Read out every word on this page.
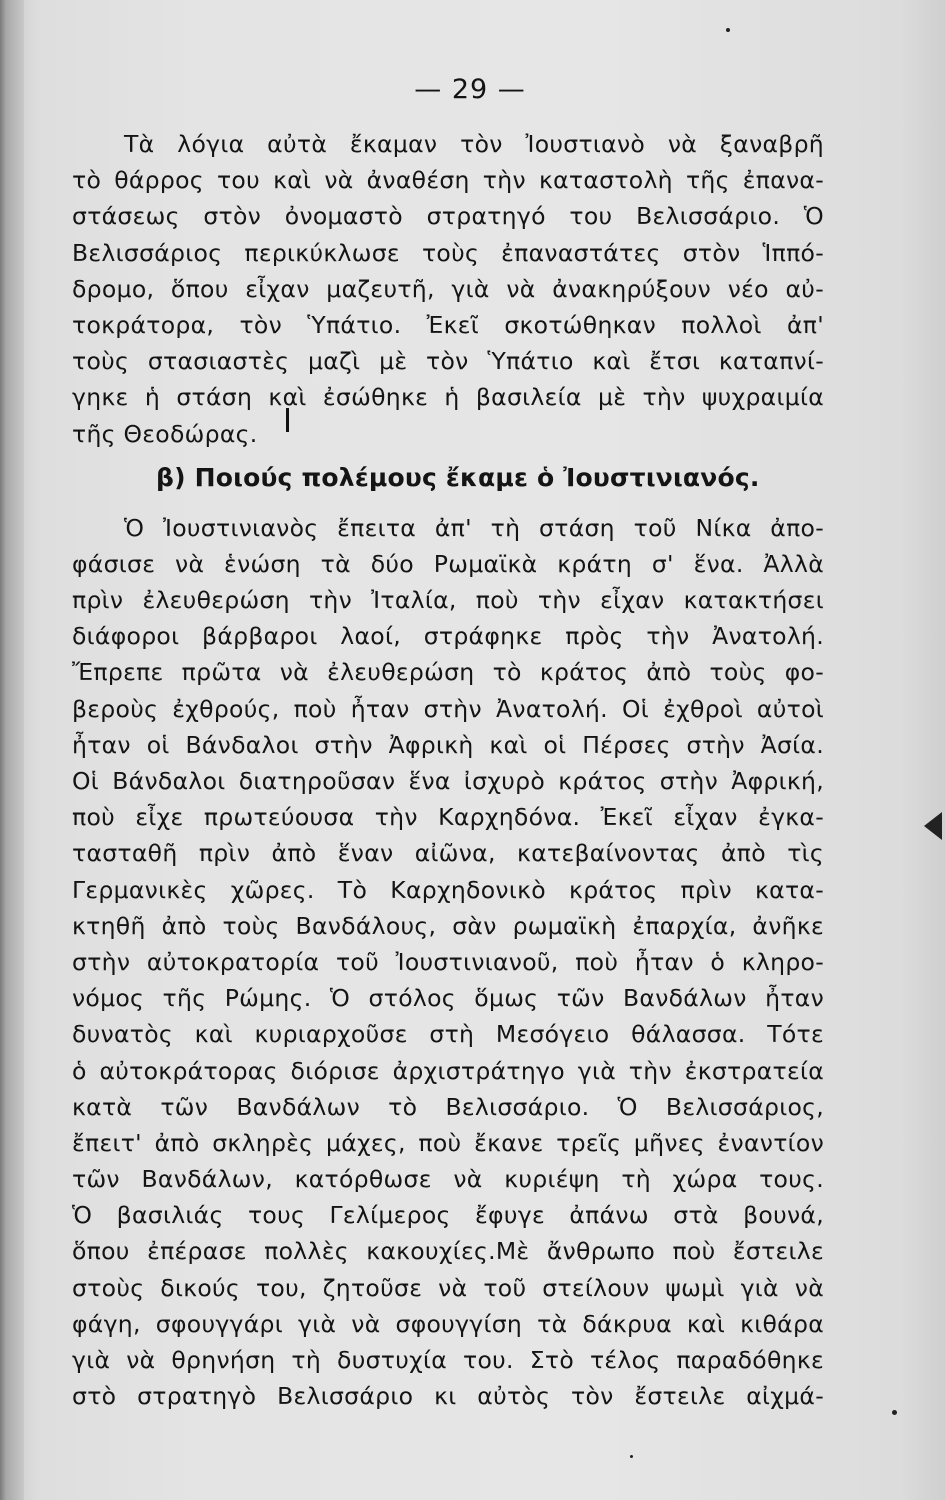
— 29 —
Τὰ λόγια αὐτὰ ἔκαμαν τὸν Ἰουστιανὸ νὰ ξαναβρῆ
τὸ θάρρος του καὶ νὰ ἀναθέση τὴν καταστολὴ τῆς ἐπανα-
στάσεως στὸν ὀνομαστὸ στρατηγό του Βελισσάριο. Ὁ
Βελισσάριος περικύκλωσε τοὺς ἐπαναστάτες στὸν Ἱππό-
δρ͏ομο, ὅπου εἶχαν μαζευτῆ, γιὰ νὰ ἀνακηρύξουν νέο αὐ-
τοκράτορα, τὸν Ὑπάτιο. Ἐκεῖ σκοτώθηκαν πολλοὶ ἀπ'
τοὺς στασιαστὲς μαζὶ μὲ τὸν Ὑπάτιο καὶ ἔτσι καταπνί-
γηκε ἡ στάση καὶ ἐσώθηκε ἡ βασιλεία μὲ τὴν ψυχραιμία
τῆς Θεοδώρας.
β) Ποιούς πολέμους ἔκαμε ὁ Ἰουστινιανός.
Ὁ Ἰουστινιανὸς ἔπειτα ἀπ' τὴ στάση τοῦ Νίκα ἀπο-
φάσισε νὰ ἑνώση τὰ δύο Ρωμαϊκὰ κράτη σ' ἕνα. Ἀλλὰ
πρὶν ἐλευθερώση τὴν Ἰταλία, ποὺ τὴν εἶχαν κατακτήσει
διάφοροι βάρβαροι λαοί, στράφηκε πρὸς τὴν Ἀνατολή.
Ἔπρεπε πρῶτα νὰ ἐλευθερώση τὸ κράτος ἀπὸ τοὺς φο-
βεροὺς ἐχθρούς, ποὺ ἦταν στὴν Ἀνατολή. Οἱ ἐχθροὶ αὐτοὶ
ἦταν οἱ Βάνδαλοι στὴν Ἀφρικὴ καὶ οἱ Πέρσες στὴν Ἀσία.
Οἱ Βάνδαλοι διατηροῦσαν ἕνα ἰσχυρὸ κράτος στὴν Ἀφρική,
ποὺ εἶχε πρωτεύουσα τὴν Καρχηδόνα. Ἐκεῖ εἶχαν ἐγκα-
τασταθῆ πρὶν ἀπὸ ἕναν αἰῶνα, κατεβαίνοντας ἀπὸ τὶς
Γερμανικὲς χῶρες. Τὸ Καρχηδονικὸ κράτος πρὶν κατα-
κτηθῆ ἀπὸ τοὺς Βανδάλους, σὰν ρωμαϊκὴ ἐπαρχία, ἀνῆκε
στὴν αὐτοκρατορία τοῦ Ἰουστινιανοῦ, ποὺ ἦταν ὁ κληρο-
νόμος τῆς Ρώμης. Ὁ στόλος ὅμως τῶν Βανδάλων ἦταν
δυνατὸς καὶ κυριαρχοῦσε στὴ Μεσόγειο θάλασσα. Τότε
ὁ αὐτοκράτορας διόρισε ἀρχιστράτηγο γιὰ τὴν ἐκστρατεία
κατὰ τῶν Βανδάλων τὸ Βελισσάριο. Ὁ Βελισσάριος,
ἔπειτ' ἀπὸ σκληρὲς μάχες, ποὺ ἔκανε τρεῖς μῆνες ἐναντίον
τῶν Βανδάλων, κατόρθωσε νὰ κυριέψη τὴ χώρα τους.
Ὁ βασιλιάς τους Γελίμερος ἔφυγε ἀπάνω στὰ βουνά,
ὅπου ἐπέρασε πολλὲς κακουχίες.Μὲ ἄνθρωπο ποὺ ἔστειλε
στοὺς δικούς του, ζητοῦσε νὰ τοῦ στείλουν ψωμὶ γιὰ νὰ
φάγη, σφουγγάρι γιὰ νὰ σφουγγίση τὰ δάκρυα καὶ κιθάρα
γιὰ νὰ θρηνήση τὴ δυστυχία του. Στὸ τέλος παραδόθηκε
στὸ στρατηγὸ Βελισσάριο κι αὐτὸς τὸν ἔστειλε αἰχμά-
